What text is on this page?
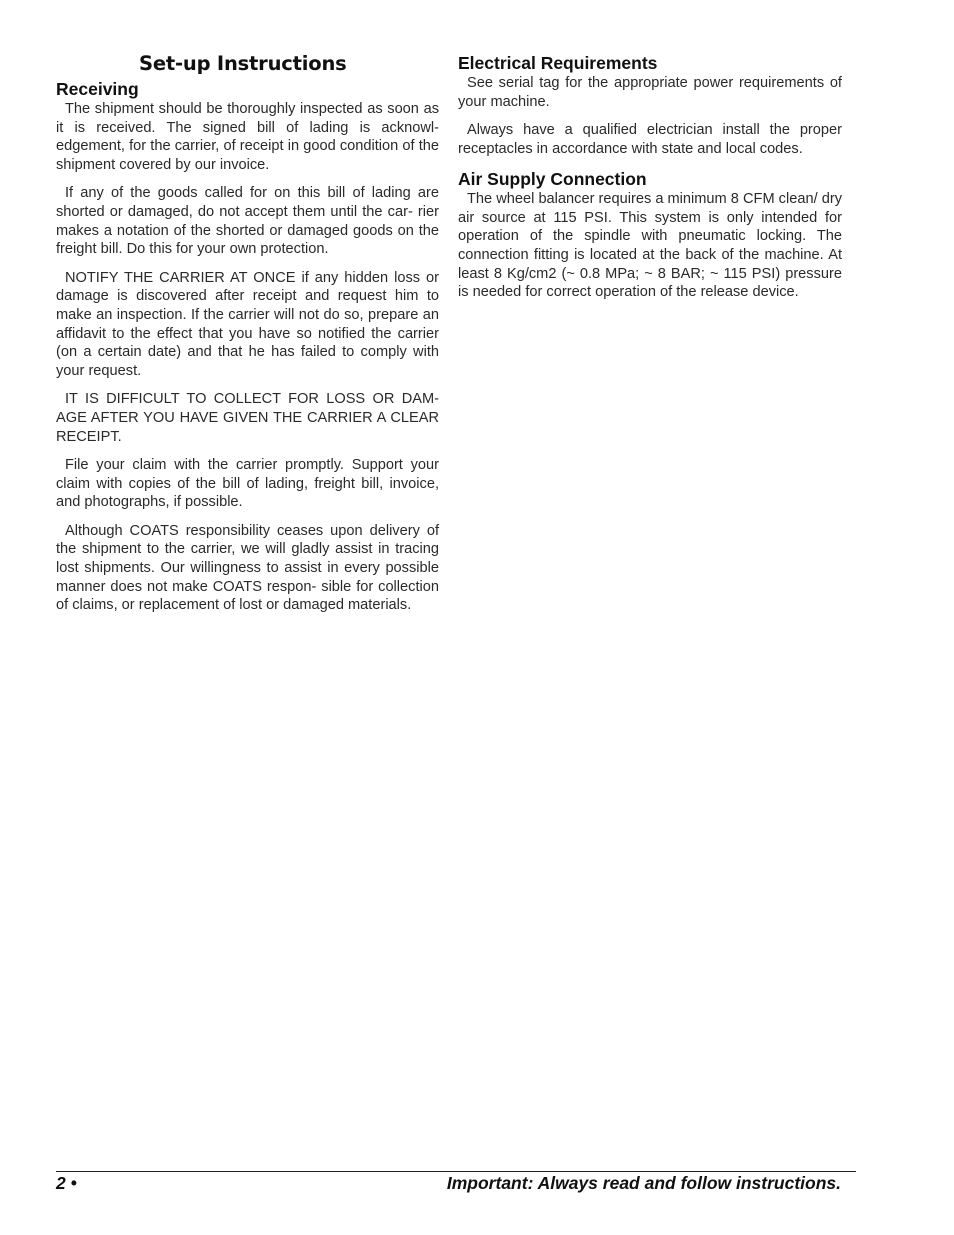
Set-up Instructions
Receiving

The shipment should be thoroughly inspected as soon as it is received. The signed bill of lading is acknowl- edgement, for the carrier, of receipt in good condition of the shipment covered by our invoice.

If any of the goods called for on this bill of lading are shorted or damaged, do not accept them until the car- rier makes a notation of the shorted or damaged goods on the freight bill. Do this for your own protection.

NOTIFY THE CARRIER AT ONCE if any hidden loss or damage is discovered after receipt and request him to make an inspection. If the carrier will not do so, prepare an affidavit to the effect that you have so notified the carrier (on a certain date) and that he has failed to comply with your request.

IT IS DIFFICULT TO COLLECT FOR LOSS OR DAM- AGE AFTER YOU HAVE GIVEN THE CARRIER A CLEAR RECEIPT.

File your claim with the carrier promptly. Support your claim with copies of the bill of lading, freight bill, invoice, and photographs, if possible.

Although COATS responsibility ceases upon delivery of the shipment to the carrier, we will gladly assist in tracing lost shipments. Our willingness to assist in every possible manner does not make COATS respon- sible for collection of claims, or replacement of lost or damaged materials.

Electrical Requirements

See serial tag for the appropriate power requirements of your machine.

Always have a qualified electrician install the proper receptacles in accordance with state and local codes.

Air Supply Connection

The wheel balancer requires a minimum 8 CFM clean/ dry air source at 115 PSI. This system is only intended for operation of the spindle with pneumatic locking. The connection fitting is located at the back of the machine. At least 8 Kg/cm2 (~ 0.8 MPa; ~ 8 BAR; ~ 115 PSI) pressure is needed for correct operation of the release device.

2 •	Important: Always read and follow instructions.
